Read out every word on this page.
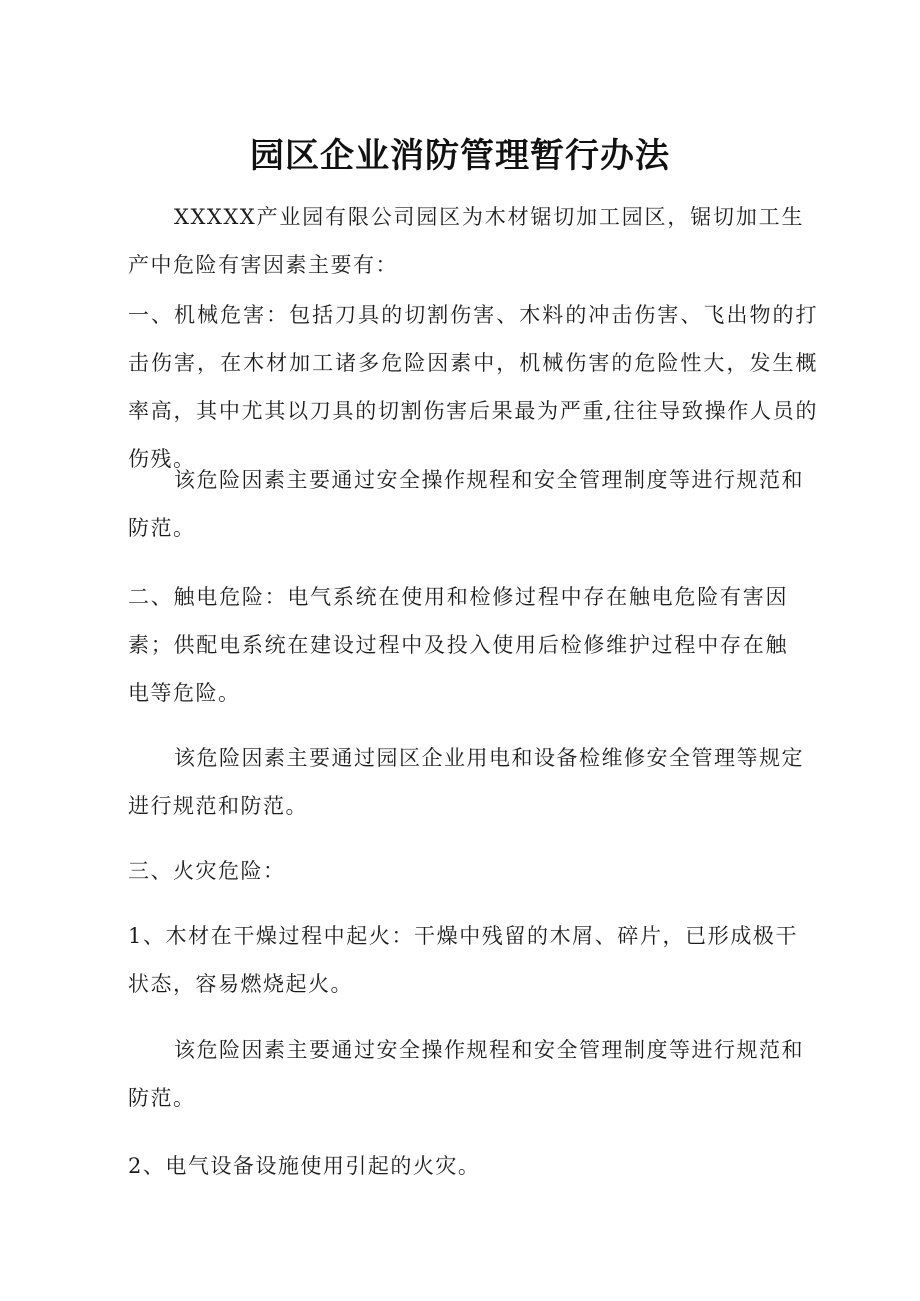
园区企业消防管理暂行办法

XXXXX产业园有限公司园区为木材锯切加工园区，锯切加工生产中危险有害因素主要有：

一、机械危害：包括刀具的切割伤害、木料的冲击伤害、飞出物的打击伤害，在木材加工诸多危险因素中，机械伤害的危险性大，发生概率高，其中尤其以刀具的切割伤害后果最为严重,往往导致操作人员的伤残。

该危险因素主要通过安全操作规程和安全管理制度等进行规范和防范。

二、触电危险：电气系统在使用和检修过程中存在触电危险有害因素；供配电系统在建设过程中及投入使用后检修维护过程中存在触电等危险。

该危险因素主要通过园区企业用电和设备检维修安全管理等规定进行规范和防范。

三、火灾危险：

1、木材在干燥过程中起火：干燥中残留的木屑、碎片，已形成极干状态，容易燃烧起火。

该危险因素主要通过安全操作规程和安全管理制度等进行规范和防范。

2、电气设备设施使用引起的火灾。
